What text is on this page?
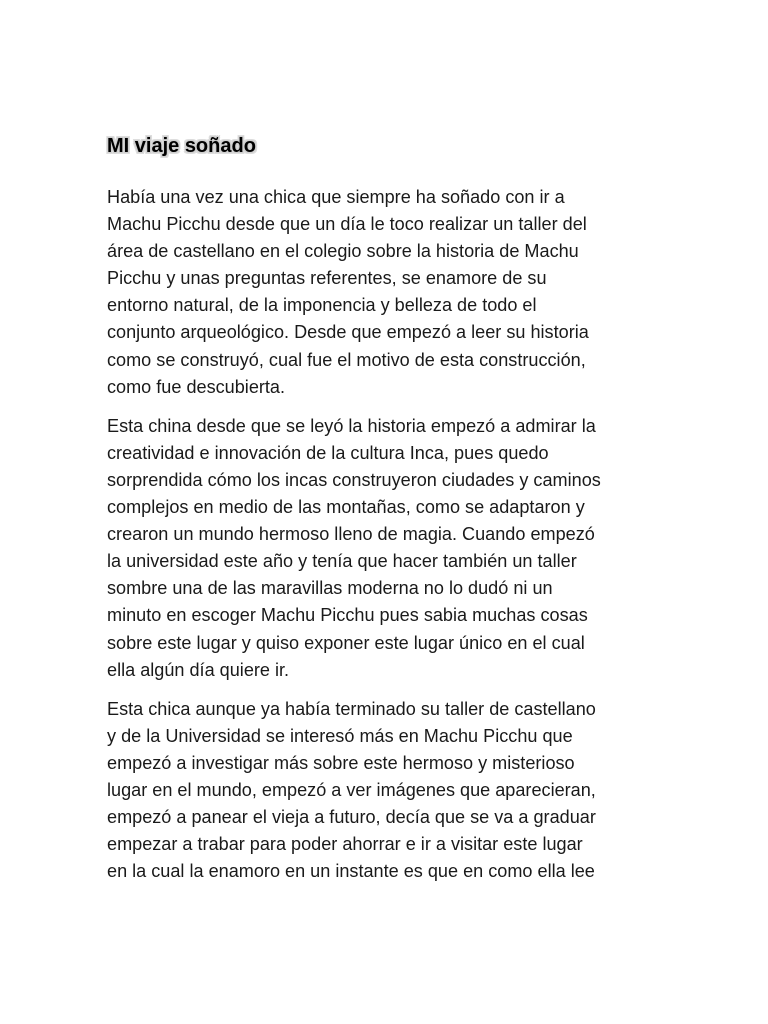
MI viaje soñado

Había una vez una chica que siempre ha soñado con ir a
Machu Picchu desde que un día le toco realizar un taller del
área de castellano en el colegio sobre la historia de Machu
Picchu y unas preguntas referentes, se enamore de su
entorno natural, de la imponencia y belleza de todo el
conjunto arqueológico. Desde que empezó a leer su historia
como se construyó, cual fue el motivo de esta construcción,
como fue descubierta.

Esta china desde que se leyó la historia empezó a admirar la
creatividad e innovación de la cultura Inca, pues quedo
sorprendida cómo los incas construyeron ciudades y caminos
complejos en medio de las montañas, como se adaptaron y
crearon un mundo hermoso lleno de magia. Cuando empezó
la universidad este año y tenía que hacer también un taller
sombre una de las maravillas moderna no lo dudó ni un
minuto en escoger Machu Picchu pues sabia muchas cosas
sobre este lugar y quiso exponer este lugar único en el cual
ella algún día quiere ir.

Esta chica aunque ya había terminado su taller de castellano
y de la Universidad se interesó más en Machu Picchu que
empezó a investigar más sobre este hermoso y misterioso
lugar en el mundo, empezó a ver imágenes que aparecieran,
empezó a panear el vieja a futuro, decía que se va a graduar
empezar a trabar para poder ahorrar e ir a visitar este lugar
en la cual la enamoro en un instante es que en como ella lee
